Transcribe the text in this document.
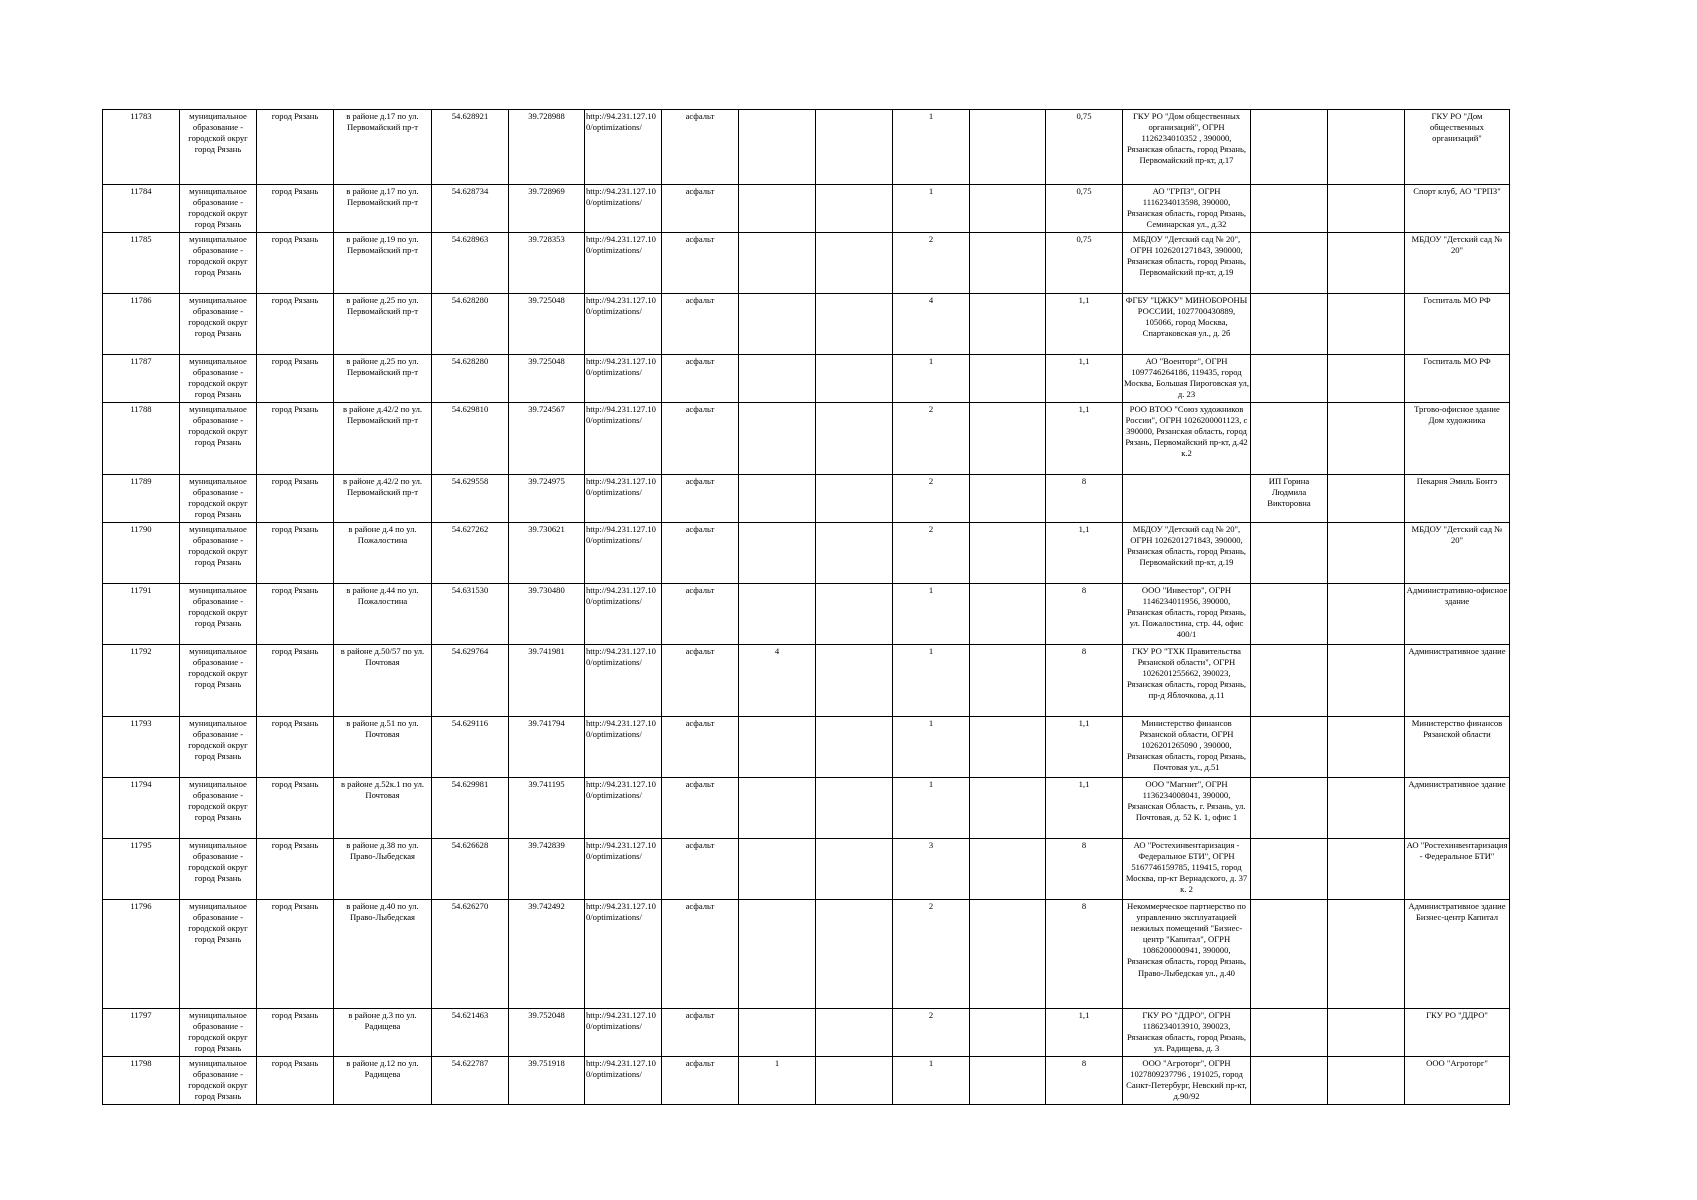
11783	муниципальное образование - городской округ город Рязань	город Рязань	в районе д.17 по ул. Первомайский пр-т	54.628921	39.728988	http://94.231.127.10 0/optimizations/	асфальт			1		0,75	ГКУ РО "Дом общественных организаций", ОГРН 1126234010352 , 390000, Рязанская область, город Рязань, Первомайский пр-кт, д.17			ГКУ РО "Дом общественных организаций"
11784	муниципальное образование - городской округ город Рязань	город Рязань	в районе д.17 по ул. Первомайский пр-т	54.628734	39.728969	http://94.231.127.10 0/optimizations/	асфальт			1		0,75	АО "ГРПЗ", ОГРН 1116234013598, 390000, Рязанская область, город Рязань, Семинарская ул., д.32			Спорт клуб, АО "ГРПЗ"
11785	муниципальное образование - городской округ город Рязань	город Рязань	в районе д.19 по ул. Первомайский пр-т	54.628963	39.728353	http://94.231.127.10 0/optimizations/	асфальт			2		0,75	МБДОУ "Детский сад № 20", ОГРН 1026201271843, 390000, Рязанская область, город Рязань, Первомайский пр-кт, д.19			МБДОУ "Детский сад № 20"
11786	муниципальное образование - городской округ город Рязань	город Рязань	в районе д.25 по ул. Первомайский пр-т	54.628280	39.725048	http://94.231.127.10 0/optimizations/	асфальт			4		1,1	ФГБУ "ЦЖКУ" МИНОБОРОНЫ РОССИИ, 1027700430889, 105066, город Москва, Спартаковская ул., д. 2б			Госпиталь МО РФ
11787	муниципальное образование - городской округ город Рязань	город Рязань	в районе д.25 по ул. Первомайский пр-т	54.628280	39.725048	http://94.231.127.10 0/optimizations/	асфальт			1		1,1	АО "Военторг", ОГРН 1097746264186, 119435, город Москва, Большая Пироговская ул, д. 23			Госпиталь МО РФ
11788	муниципальное образование - городской округ город Рязань	город Рязань	в районе д.42/2 по ул. Первомайский пр-т	54.629810	39.724567	http://94.231.127.10 0/optimizations/	асфальт			2		1,1	РОО ВТОО "Союз художников России", ОГРН 1026200001123, с 390000, Рязанская область, город Рязань, Первомайский пр-кт, д.42 к.2			Трговo-офисное здание Дом художника
11789	муниципальное образование - городской округ город Рязань	город Рязань	в районе д.42/2 по ул. Первомайский пр-т	54.629558	39.724975	http://94.231.127.10 0/optimizations/	асфальт			2		8		ИП Горина Людмила Викторовна		Пекарня Эмиль Бонтэ
11790	муниципальное образование - городской округ город Рязань	город Рязань	в районе д.4 по ул. Пожалостина	54.627262	39.730621	http://94.231.127.10 0/optimizations/	асфальт			2		1,1	МБДОУ "Детский сад № 20", ОГРН 1026201271843, 390000, Рязанская область, город Рязань, Первомайский пр-кт, д.19			МБДОУ "Детский сад № 20"
11791	муниципальное образование - городской округ город Рязань	город Рязань	в районе д.44 по ул. Пожалостина	54.631530	39.730480	http://94.231.127.10 0/optimizations/	асфальт			1		8	ООО "Инвестор", ОГРН 1146234011956, 390000, Рязанская область, город Рязань, ул. Пожалостина, стр. 44, офис 400/1			Административно-офисное здание
11792	муниципальное образование - городской округ город Рязань	город Рязань	в районе д.50/57 по ул. Почтовая	54.629764	39.741981	http://94.231.127.10 0/optimizations/	асфальт	4		1		8	ГКУ РО "ТХК Правительства Рязанской области", ОГРН 1026201255662, 390023, Рязанская область, город Рязань, пр-д Яблочкова, д.11			Административное здание
11793	муниципальное образование - городской округ город Рязань	город Рязань	в районе д.51 по ул. Почтовая	54.629116	39.741794	http://94.231.127.10 0/optimizations/	асфальт			1		1,1	Министерство финансов Рязанской области, ОГРН 1026201265090 , 390000, Рязанская область, город Рязань, Почтовая ул., д.51			Министерство финансов Рязанской области
11794	муниципальное образование - городской округ город Рязань	город Рязань	в районе д.52к.1 по ул. Почтовая	54.629981	39.741195	http://94.231.127.10 0/optimizations/	асфальт			1		1,1	ООО "Магнит", ОГРН 1136234008041, 390000, Рязанская Область, г. Рязань, ул. Почтовая, д. 52 К. 1, офис 1			Административное здание
11795	муниципальное образование - городской округ город Рязань	город Рязань	в районе д.38 по ул. Право-Лыбедская	54.626628	39.742839	http://94.231.127.10 0/optimizations/	асфальт			3		8	АО "Ростехинвентаризация - Федеральное БТИ", ОГРН 5167746159785, 119415, город Москва, пр-кт Вернадского, д. 37 к. 2			АО "Ростехинвентаризация - Федеральное БТИ"
11796	муниципальное образование - городской округ город Рязань	город Рязань	в районе д.40 по ул. Право-Лыбедская	54.626270	39.742492	http://94.231.127.10 0/optimizations/	асфальт			2		8	Некоммерческое партнерство по управлению эксплуатацией нежилых помещений "Бизнес-центр "Капитал", ОГРН 1086200000941, 390000, Рязанская область, город Рязань, Право-Лыбедская ул., д.40			Административное здание Бизнес-центр Капитал
11797	муниципальное образование - городской округ город Рязань	город Рязань	в районе д.3 по ул. Радищева	54.621463	39.752048	http://94.231.127.10 0/optimizations/	асфальт			2		1,1	ГКУ РО "ДДРО", ОГРН 1186234013910, 390023, Рязанская область, город Рязань, ул. Радищева, д. 3			ГКУ РО "ДДРО"
11798	муниципальное образование - городской округ город Рязань	город Рязань	в районе д.12 по ул. Радищева	54.622787	39.751918	http://94.231.127.10 0/optimizations/	асфальт	1		1		8	ООО "Агроторг", ОГРН 1027809237796 , 191025, город Санкт-Петербург, Невский пр-кт, д.90/92			ООО "Агроторг"
